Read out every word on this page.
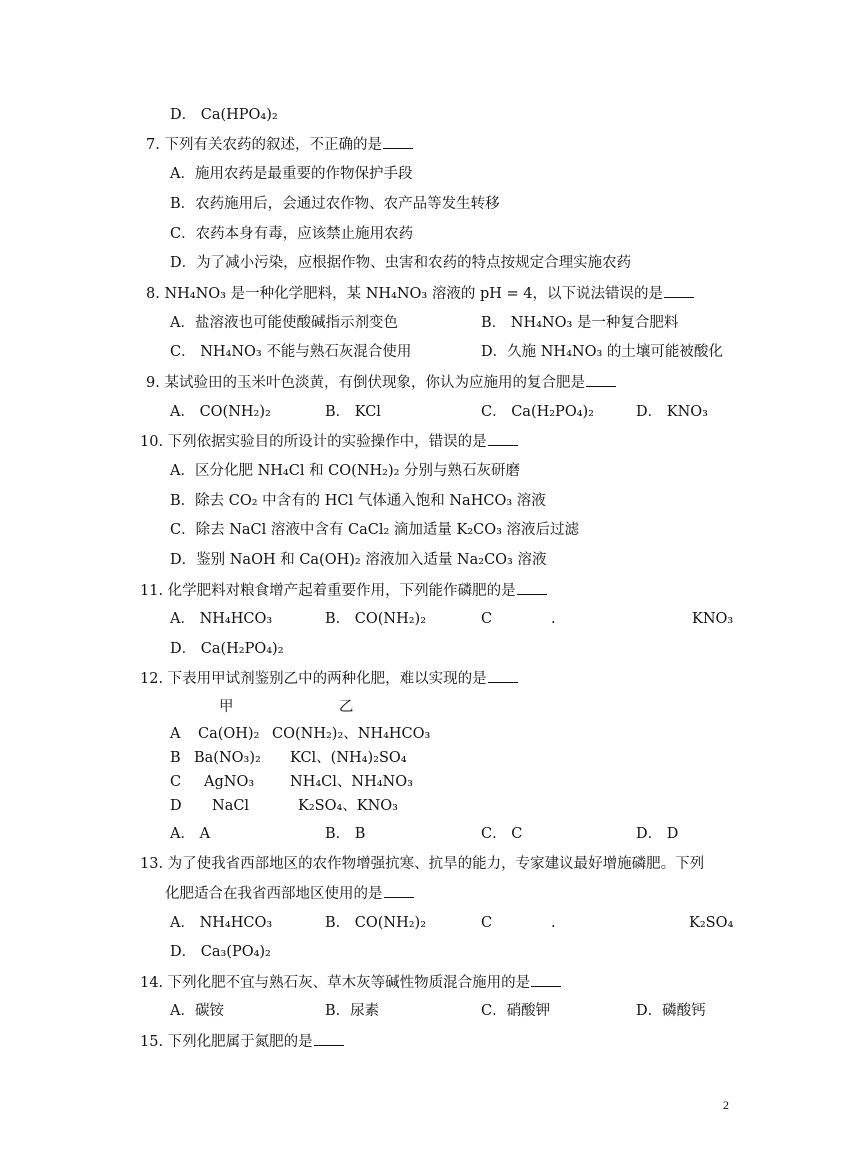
D． Ca(HPO₄)₂
7. 下列有关农药的叙述，不正确的是
A．施用农药是最重要的作物保护手段
B．农药施用后，会通过农作物、农产品等发生转移
C．农药本身有毒，应该禁止施用农药
D．为了减小污染，应根据作物、虫害和农药的特点按规定合理实施农药
8. NH₄NO₃ 是一种化学肥料，某 NH₄NO₃ 溶液的 pH = 4，以下说法错误的是
A．盐溶液也可能使酸碱指示剂变色	B． NH₄NO₃ 是一种复合肥料
C． NH₄NO₃ 不能与熟石灰混合使用	D．久施 NH₄NO₃ 的土壤可能被酸化
9. 某试验田的玉米叶色淡黄，有倒伏现象，你认为应施用的复合肥是
A． CO(NH₂)₂	B． KCl	C． Ca(H₂PO₄)₂	D． KNO₃
10. 下列依据实验目的所设计的实验操作中，错误的是
A．区分化肥 NH₄Cl 和 CO(NH₂)₂ 分别与熟石灰研磨
B．除去 CO₂ 中含有的 HCl 气体通入饱和 NaHCO₃ 溶液
C．除去 NaCl 溶液中含有 CaCl₂ 滴加适量 K₂CO₃ 溶液后过滤
D．鉴别 NaOH 和 Ca(OH)₂ 溶液加入适量 Na₂CO₃ 溶液
11. 化学肥料对粮食增产起着重要作用，下列能作磷肥的是
A． NH₄HCO₃	B． CO(NH₂)₂	C	.	KNO₃
D． Ca(H₂PO₄)₂
12. 下表用甲试剂鉴别乙中的两种化肥，难以实现的是
甲	乙
A Ca(OH)₂ CO(NH₂)₂、NH₄HCO₃
B Ba(NO₃)₂ KCl、(NH₄)₂SO₄
C AgNO₃ NH₄Cl、NH₄NO₃
D NaCl	K₂SO₄、KNO₃
A． A	B． B	C． C	D． D
13. 为了使我省西部地区的农作物增强抗寒、抗旱的能力，专家建议最好增施磷肥。下列
化肥适合在我省西部地区使用的是
A． NH₄HCO₃	B． CO(NH₂)₂	C	.	K₂SO₄
D． Ca₃(PO₄)₂
14. 下列化肥不宜与熟石灰、草木灰等碱性物质混合施用的是
A．碳铵	B．尿素	C．硝酸钾	D．磷酸钙
15. 下列化肥属于氮肥的是
2
